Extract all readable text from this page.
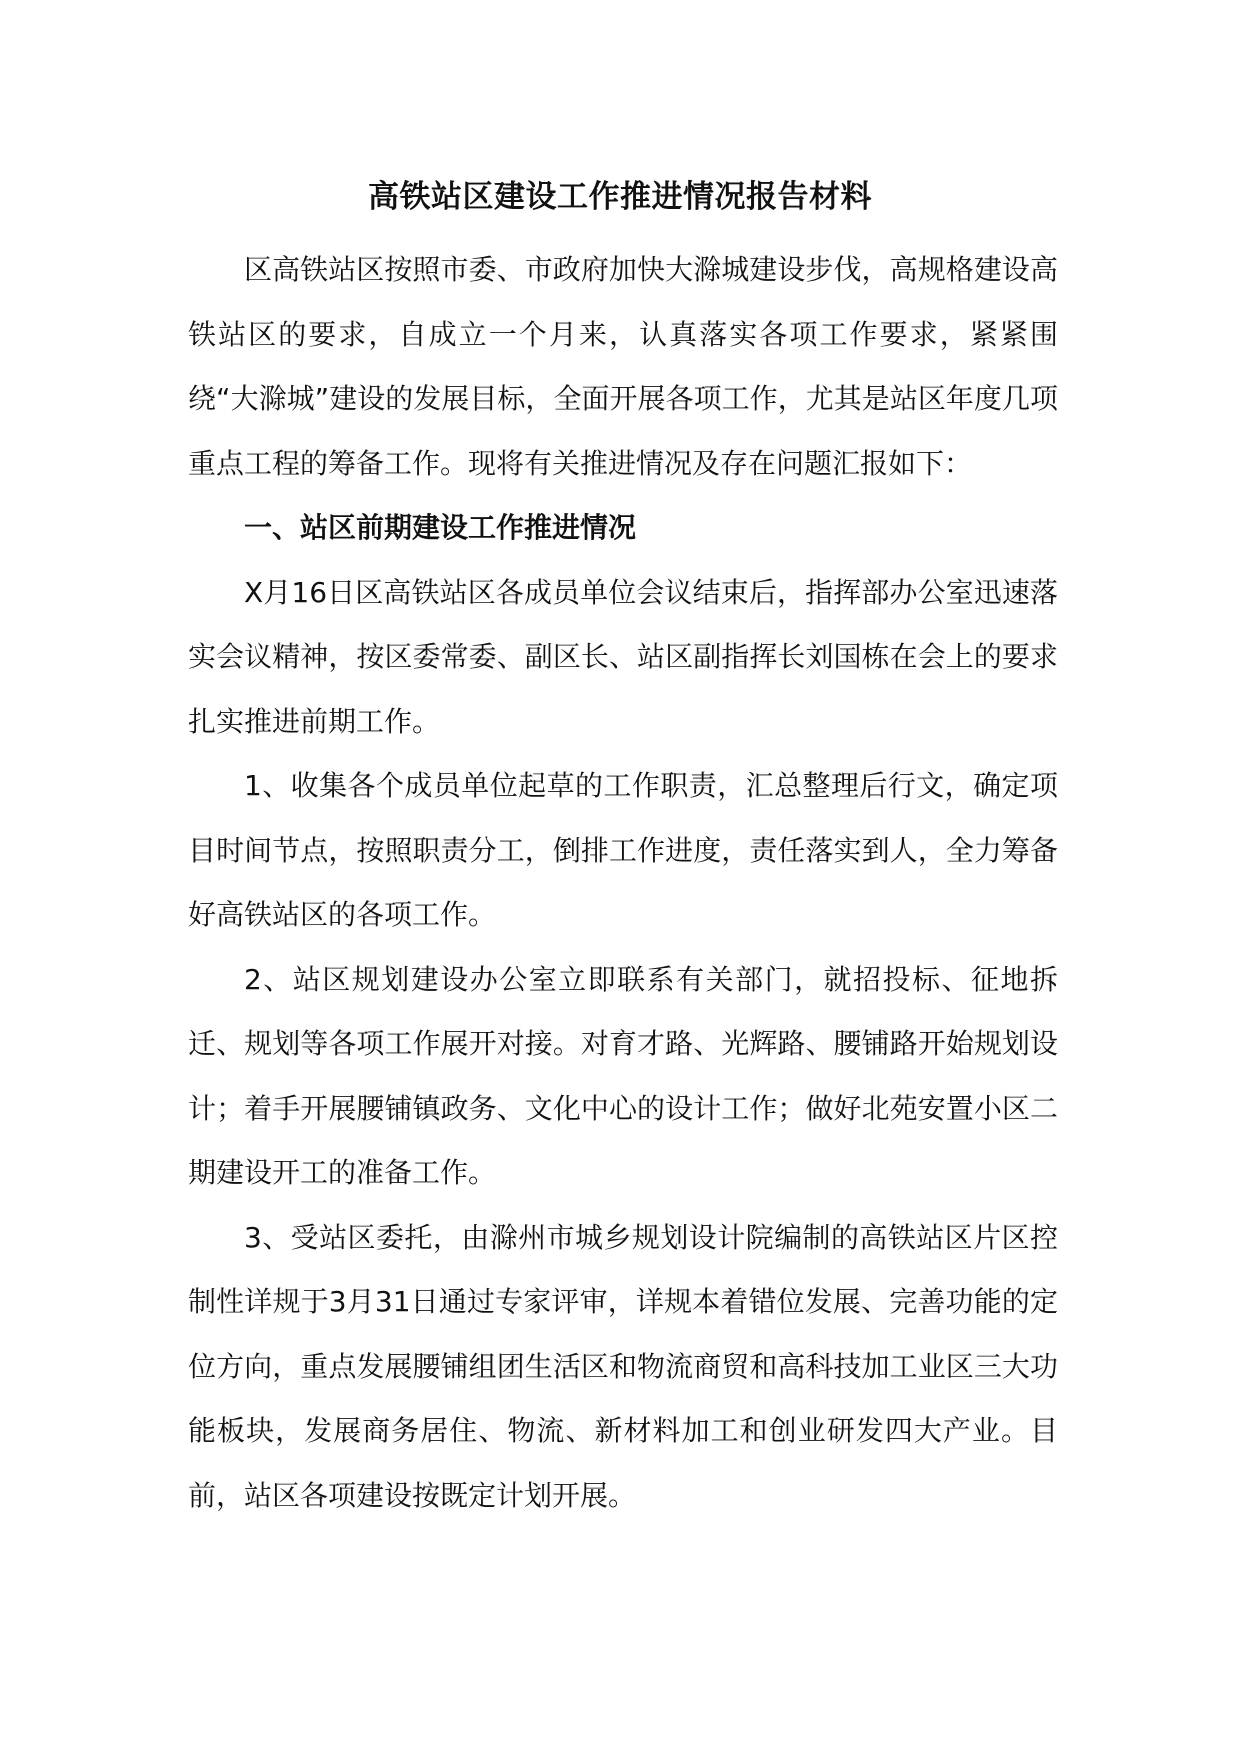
高铁站区建设工作推进情况报告材料

区高铁站区按照市委、市政府加快大滁城建设步伐，高规格建设高铁站区的要求，自成立一个月来，认真落实各项工作要求，紧紧围绕“大滁城”建设的发展目标，全面开展各项工作，尤其是站区年度几项重点工程的筹备工作。现将有关推进情况及存在问题汇报如下：

一、站区前期建设工作推进情况

X月16日区高铁站区各成员单位会议结束后，指挥部办公室迅速落实会议精神，按区委常委、副区长、站区副指挥长刘国栋在会上的要求扎实推进前期工作。

1、收集各个成员单位起草的工作职责，汇总整理后行文，确定项目时间节点，按照职责分工，倒排工作进度，责任落实到人，全力筹备好高铁站区的各项工作。

2、站区规划建设办公室立即联系有关部门，就招投标、征地拆迁、规划等各项工作展开对接。对育才路、光辉路、腰铺路开始规划设计；着手开展腰铺镇政务、文化中心的设计工作；做好北苑安置小区二期建设开工的准备工作。

3、受站区委托，由滁州市城乡规划设计院编制的高铁站区片区控制性详规于3月31日通过专家评审，详规本着错位发展、完善功能的定位方向，重点发展腰铺组团生活区和物流商贸和高科技加工业区三大功能板块，发展商务居住、物流、新材料加工和创业研发四大产业。目前，站区各项建设按既定计划开展。
